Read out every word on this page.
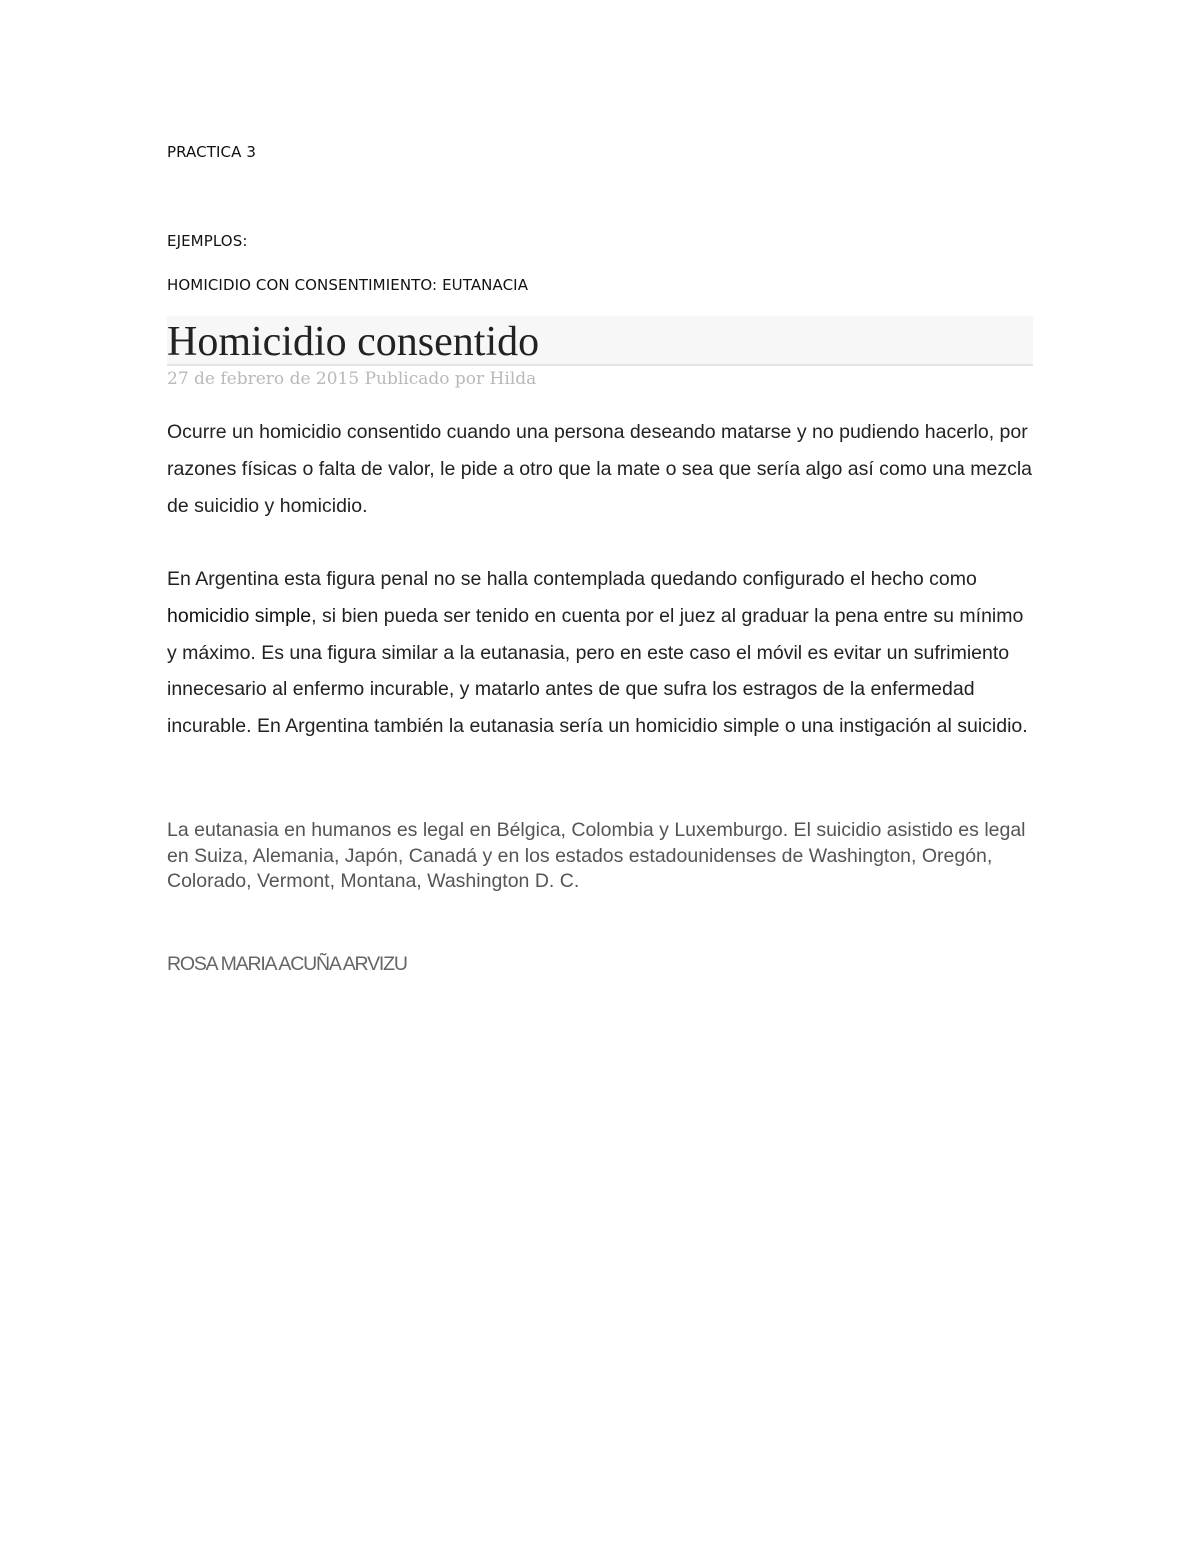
PRACTICA 3
EJEMPLOS:
HOMICIDIO CON CONSENTIMIENTO: EUTANACIA
Homicidio consentido
27 de febrero de 2015 Publicado por Hilda

Ocurre un homicidio consentido cuando una persona deseando matarse y no pudiendo hacerlo, por razones físicas o falta de valor, le pide a otro que la mate o sea que sería algo así como una mezcla de suicidio y homicidio.

En Argentina esta figura penal no se halla contemplada quedando configurado el hecho como homicidio simple, si bien pueda ser tenido en cuenta por el juez al graduar la pena entre su mínimo y máximo. Es una figura similar a la eutanasia, pero en este caso el móvil es evitar un sufrimiento innecesario al enfermo incurable, y matarlo antes de que sufra los estragos de la enfermedad incurable. En Argentina también la eutanasia sería un homicidio simple o una instigación al suicidio.

La eutanasia en humanos es legal en Bélgica, Colombia y Luxemburgo. El suicidio asistido es legal en Suiza, Alemania, Japón, Canadá y en los estados estadounidenses de Washington, Oregón, Colorado, Vermont, Montana, Washington D. C.

ROSA MARIA ACUÑA ARVIZU
